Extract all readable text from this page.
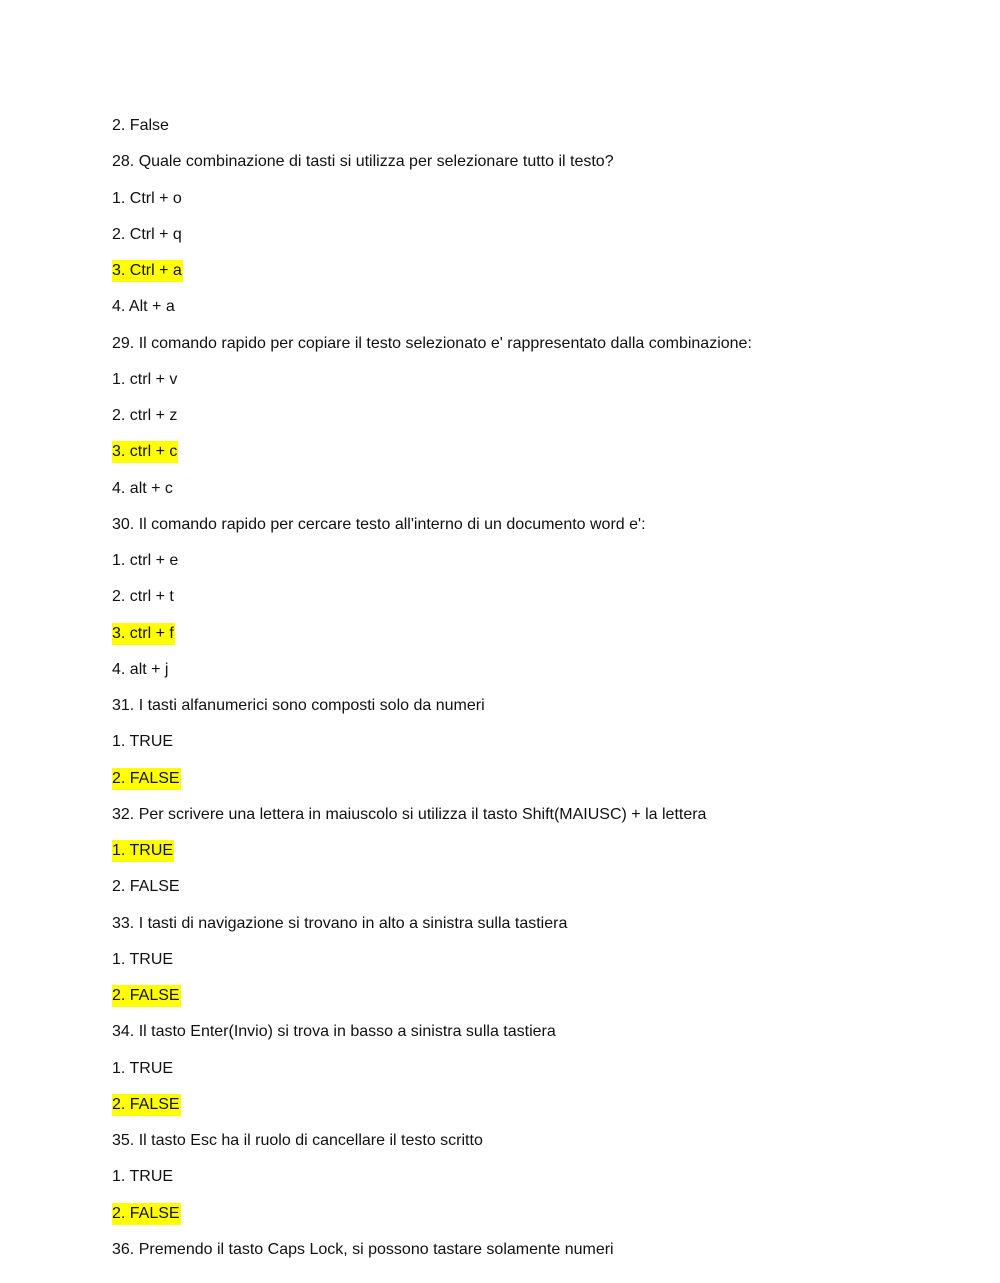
2. False
28. Quale combinazione di tasti si utilizza per selezionare tutto il testo?
1. Ctrl + o
2. Ctrl + q
3. Ctrl + a
4. Alt + a
29. Il comando rapido per copiare il testo selezionato e' rappresentato dalla combinazione:
1. ctrl + v
2. ctrl + z
3. ctrl + c
4. alt + c
30. Il comando rapido per cercare testo all'interno di un documento word e':
1. ctrl + e
2. ctrl + t
3. ctrl + f
4. alt + j
31. I tasti alfanumerici sono composti solo da numeri
1. TRUE
2. FALSE
32. Per scrivere una lettera in maiuscolo si utilizza il tasto Shift(MAIUSC) + la lettera
1. TRUE
2. FALSE
33. I tasti di navigazione si trovano in alto a sinistra sulla tastiera
1. TRUE
2. FALSE
34. Il tasto Enter(Invio) si trova in basso a sinistra sulla tastiera
1. TRUE
2. FALSE
35. Il tasto Esc ha il ruolo di cancellare il testo scritto
1. TRUE
2. FALSE
36. Premendo il tasto Caps Lock, si possono tastare solamente numeri
